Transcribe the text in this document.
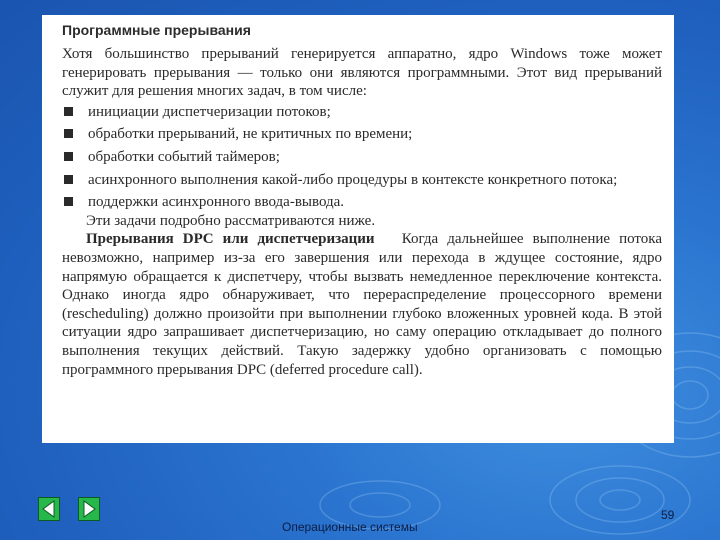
Программные прерывания

Хотя большинство прерываний генерируется аппаратно, ядро Windows тоже может генерировать прерывания — только они являются программными. Этот вид прерываний служит для решения многих задач, в том числе:

инициации диспетчеризации потоков;
обработки прерываний, не критичных по времени;
обработки событий таймеров;
асинхронного выполнения какой-либо процедуры в контексте конкретного потока;
поддержки асинхронного ввода-вывода.

Эти задачи подробно рассматриваются ниже.

Прерывания DPC или диспетчеризации Когда дальнейшее выполнение потока невозможно, например из-за его завершения или перехода в ждущее состояние, ядро напрямую обращается к диспетчеру, чтобы вызвать немедленное переключение контекста. Однако иногда ядро обнаруживает, что перераспределение процессорного времени (rescheduling) должно произойти при выполнении глубоко вложенных уровней кода. В этой ситуации ядро запрашивает диспетчеризацию, но саму операцию откладывает до полного выполнения текущих действий. Такую задержку удобно организовать с помощью программного прерывания DPC (deferred procedure call).

Операционные системы
59
